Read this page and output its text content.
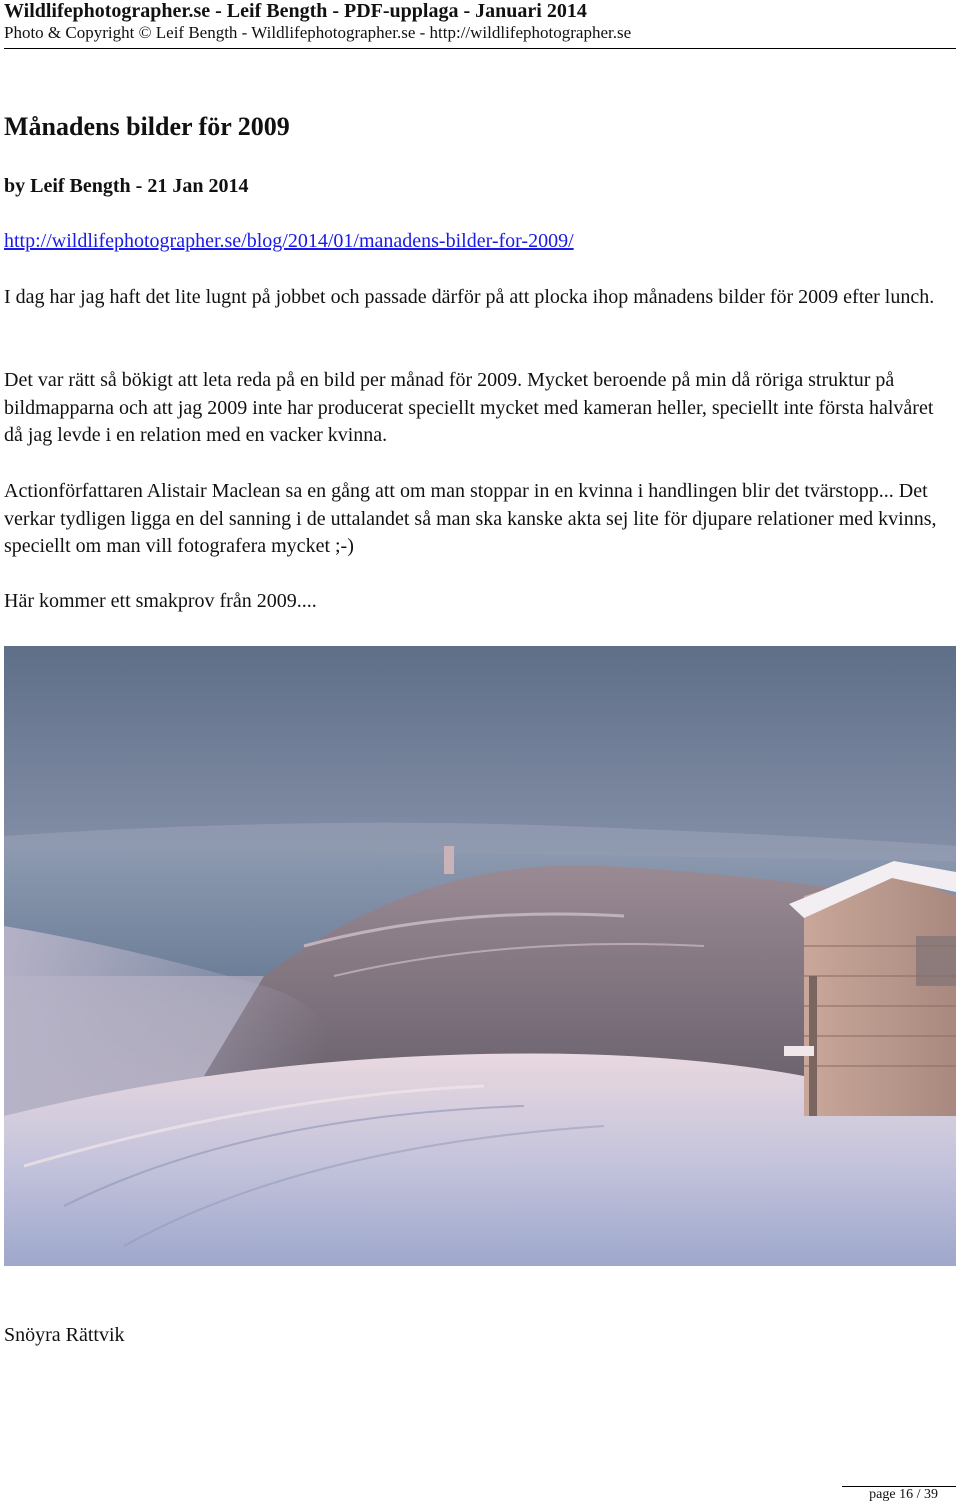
Wildlifephotographer.se - Leif Bength - PDF-upplaga - Januari 2014
Photo & Copyright © Leif Bength - Wildlifephotographer.se - http://wildlifephotographer.se
Månadens bilder för 2009
by Leif Bength - 21 Jan 2014
http://wildlifephotographer.se/blog/2014/01/manadens-bilder-for-2009/

I dag har jag haft det lite lugnt på jobbet och passade därför på att plocka ihop månadens bilder för 2009 efter lunch.

Det var rätt så bökigt att leta reda på en bild per månad för 2009. Mycket beroende på min då röriga struktur på bildmapparna och att jag 2009 inte har producerat speciellt mycket med kameran heller, speciellt inte första halvåret då jag levde i en relation med en vacker kvinna.

Actionförfattaren Alistair Maclean sa en gång att om man stoppar in en kvinna i handlingen blir det tvärstopp... Det verkar tydligen ligga en del sanning i de uttalandet så man ska kanske akta sej lite för djupare relationer med kvinns, speciellt om man vill fotografera mycket ;-)

Här kommer ett smakprov från 2009....

Snöyra Rättvik
page 16 / 39
